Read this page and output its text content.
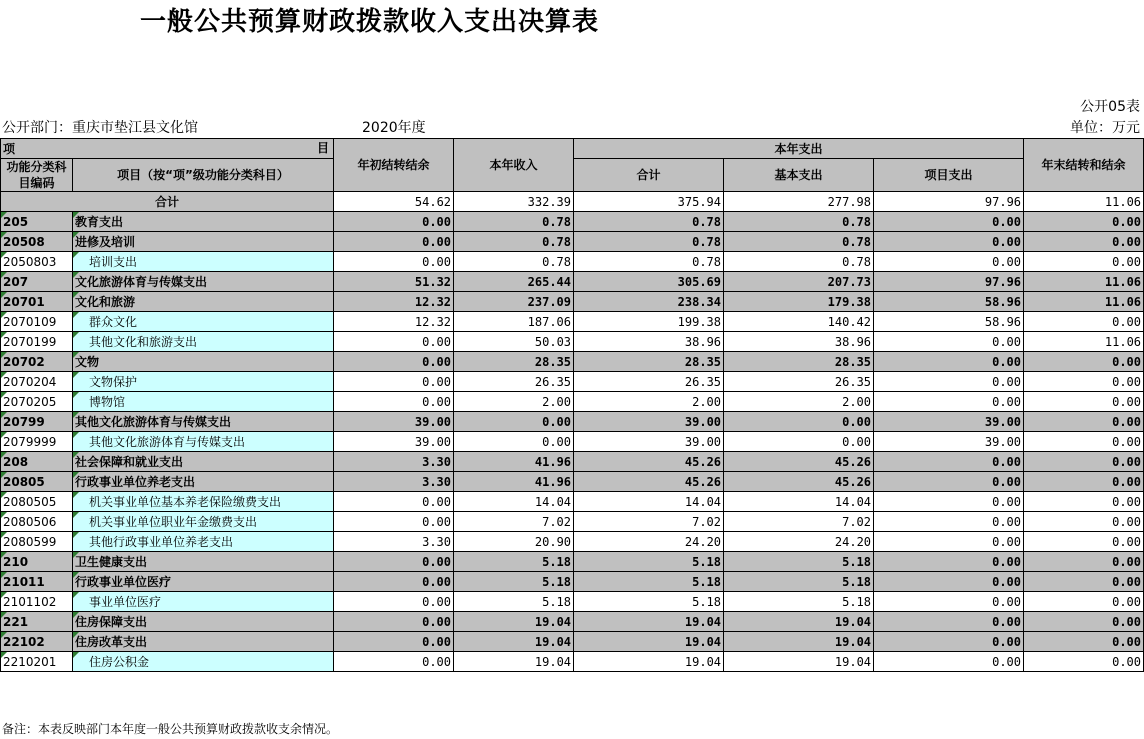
一般公共预算财政拨款收入支出决算表
公开05表
公开部门：重庆市垫江县文化馆	2020年度	单位：万元
项 目		年初结转结余	本年收入	本年支出			年末结转和结余
功能分类科目编码	项目（按“项”级功能分类科目）			合计	基本支出	项目支出	
合计		54.62	332.39	375.94	277.98	97.96	11.06
205	教育支出	0.00	0.78	0.78	0.78	0.00	0.00
20508	进修及培训	0.00	0.78	0.78	0.78	0.00	0.00
2050803	培训支出	0.00	0.78	0.78	0.78	0.00	0.00
207	文化旅游体育与传媒支出	51.32	265.44	305.69	207.73	97.96	11.06
20701	文化和旅游	12.32	237.09	238.34	179.38	58.96	11.06
2070109	群众文化	12.32	187.06	199.38	140.42	58.96	0.00
2070199	其他文化和旅游支出	0.00	50.03	38.96	38.96	0.00	11.06
20702	文物	0.00	28.35	28.35	28.35	0.00	0.00
2070204	文物保护	0.00	26.35	26.35	26.35	0.00	0.00
2070205	博物馆	0.00	2.00	2.00	2.00	0.00	0.00
20799	其他文化旅游体育与传媒支出	39.00	0.00	39.00	0.00	39.00	0.00
2079999	其他文化旅游体育与传媒支出	39.00	0.00	39.00	0.00	39.00	0.00
208	社会保障和就业支出	3.30	41.96	45.26	45.26	0.00	0.00
20805	行政事业单位养老支出	3.30	41.96	45.26	45.26	0.00	0.00
2080505	机关事业单位基本养老保险缴费支出	0.00	14.04	14.04	14.04	0.00	0.00
2080506	机关事业单位职业年金缴费支出	0.00	7.02	7.02	7.02	0.00	0.00
2080599	其他行政事业单位养老支出	3.30	20.90	24.20	24.20	0.00	0.00
210	卫生健康支出	0.00	5.18	5.18	5.18	0.00	0.00
21011	行政事业单位医疗	0.00	5.18	5.18	5.18	0.00	0.00
2101102	事业单位医疗	0.00	5.18	5.18	5.18	0.00	0.00
221	住房保障支出	0.00	19.04	19.04	19.04	0.00	0.00
22102	住房改革支出	0.00	19.04	19.04	19.04	0.00	0.00
2210201	住房公积金	0.00	19.04	19.04	19.04	0.00	0.00
备注：本表反映部门本年度一般公共预算财政拨款收支余情况。
